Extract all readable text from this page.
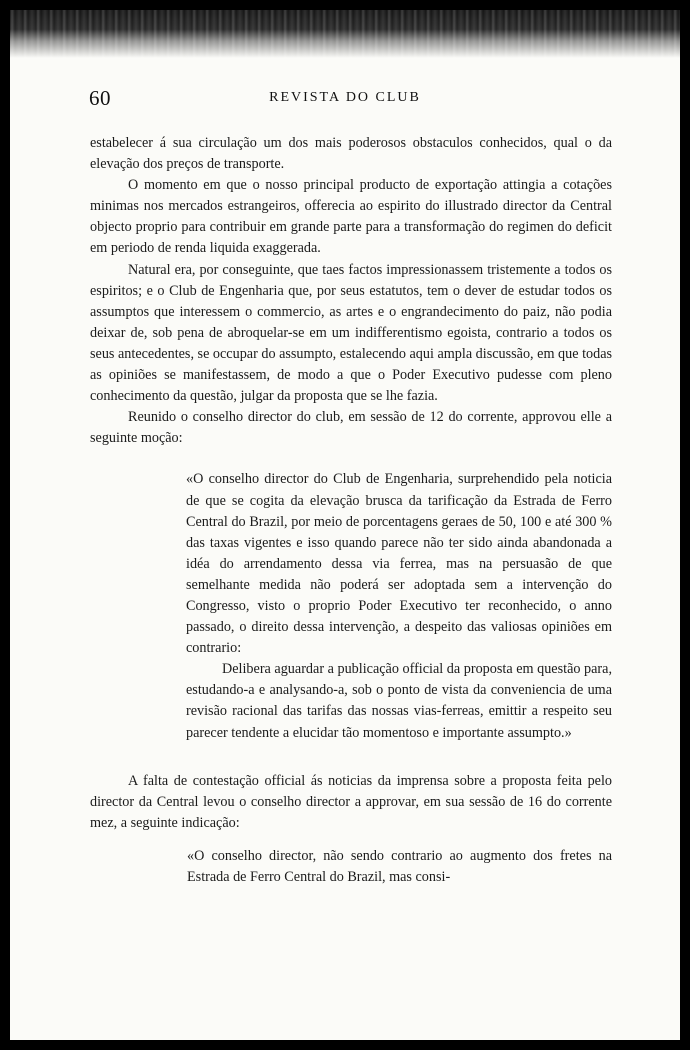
60	REVISTA DO CLUB

estabelecer á sua circulação um dos mais poderosos obstaculos conhecidos, qual o da elevação dos preços de transporte.

O momento em que o nosso principal producto de exportação attingia a cotações minimas nos mercados estrangeiros, offerecia ao espirito do illustrado director da Central objecto proprio para contribuir em grande parte para a transformação do regimen do deficit em periodo de renda liquida exaggerada.

Natural era, por conseguinte, que taes factos impressionassem tristemente a todos os espiritos; e o Club de Engenharia que, por seus estatutos, tem o dever de estudar todos os assumptos que interessem o commercio, as artes e o engrandecimento do paiz, não podia deixar de, sob pena de abroquelar-se em um indifferentismo egoista, contrario a todos os seus antecedentes, se occupar do assumpto, estalecendo aqui ampla discussão, em que todas as opiniões se manifestassem, de modo a que o Poder Executivo pudesse com pleno conhecimento da questão, julgar da proposta que se lhe fazia.

Reunido o conselho director do club, em sessão de 12 do corrente, approvou elle a seguinte moção:

«O conselho director do Club de Engenharia, surprehendido pela noticia de que se cogita da elevação brusca da tarificação da Estrada de Ferro Central do Brazil, por meio de porcentagens geraes de 50, 100 e até 300 % das taxas vigentes e isso quando parece não ter sido ainda abandonada a idéa do arrendamento dessa via ferrea, mas na persuasão de que semelhante medida não poderá ser adoptada sem a intervenção do Congresso, visto o proprio Poder Executivo ter reconhecido, o anno passado, o direito dessa intervenção, a despeito das valiosas opiniões em contrario:

Delibera aguardar a publicação official da proposta em questão para, estudando-a e analysando-a, sob o ponto de vista da conveniencia de uma revisão racional das tarifas das nossas vias-ferreas, emittir a respeito seu parecer tendente a elucidar tão momentoso e importante assumpto.»

A falta de contestação official ás noticias da imprensa sobre a proposta feita pelo director da Central levou o conselho director a approvar, em sua sessão de 16 do corrente mez, a seguinte indicação:

«O conselho director, não sendo contrario ao augmento dos fretes na Estrada de Ferro Central do Brazil, mas consi-
